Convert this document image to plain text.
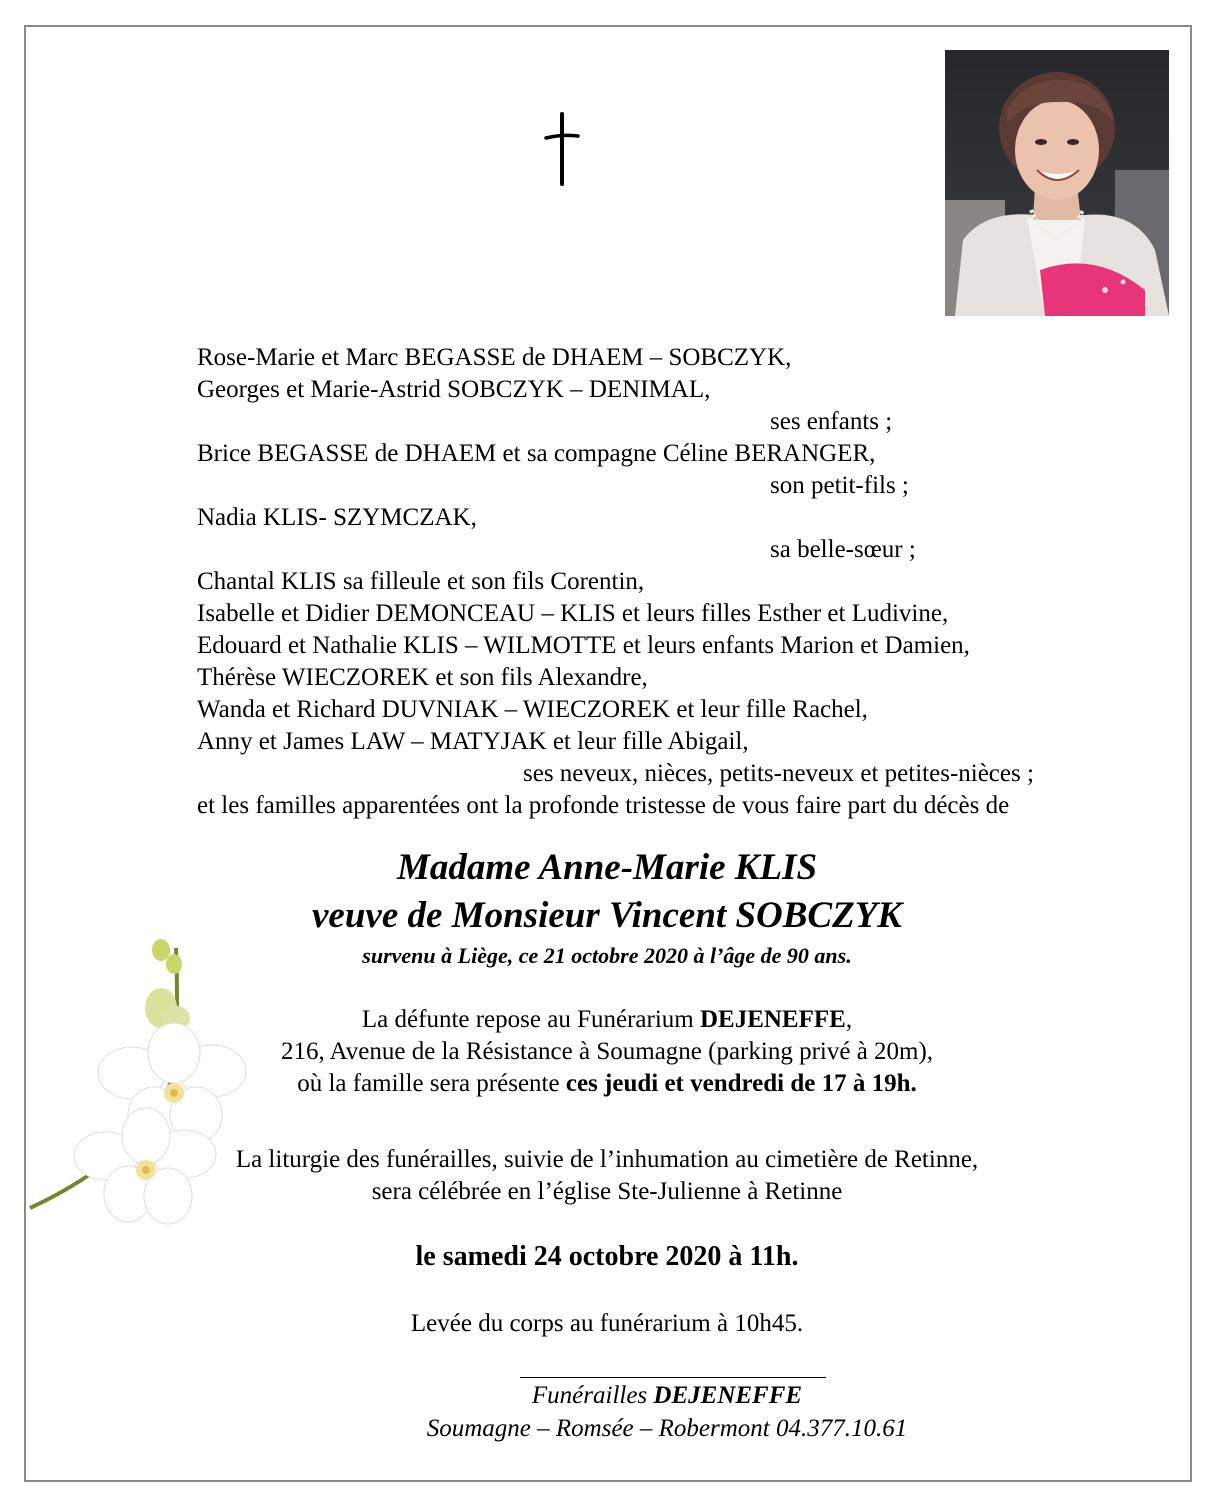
Rose-Marie et Marc BEGASSE de DHAEM – SOBCZYK,
Georges et Marie-Astrid SOBCZYK – DENIMAL,
ses enfants ;
Brice BEGASSE de DHAEM et sa compagne Céline BERANGER,
son petit-fils ;
Nadia KLIS- SZYMCZAK,
sa belle-sœur ;
Chantal KLIS sa filleule et son fils Corentin,
Isabelle et Didier DEMONCEAU – KLIS et leurs filles Esther et Ludivine,
Edouard et Nathalie KLIS – WILMOTTE et leurs enfants Marion et Damien,
Thérèse WIECZOREK et son fils Alexandre,
Wanda et Richard DUVNIAK – WIECZOREK et leur fille Rachel,
Anny et James LAW – MATYJAK et leur fille Abigail,
ses neveux, nièces, petits-neveux et petites-nièces ;
et les familles apparentées ont la profonde tristesse de vous faire part du décès de
Madame Anne-Marie KLIS
veuve de Monsieur Vincent SOBCZYK
survenu à Liège, ce 21 octobre 2020 à l’âge de 90 ans.
La défunte repose au Funérarium DEJENEFFE,
216, Avenue de la Résistance à Soumagne (parking privé à 20m),
où la famille sera présente ces jeudi et vendredi de 17 à 19h.
La liturgie des funérailles, suivie de l’inhumation au cimetière de Retinne,
sera célébrée en l’église Ste-Julienne à Retinne
le samedi 24 octobre 2020 à 11h.
Levée du corps au funérarium à 10h45.
Funérailles DEJENEFFE
Soumagne – Romsée – Robermont 04.377.10.61
